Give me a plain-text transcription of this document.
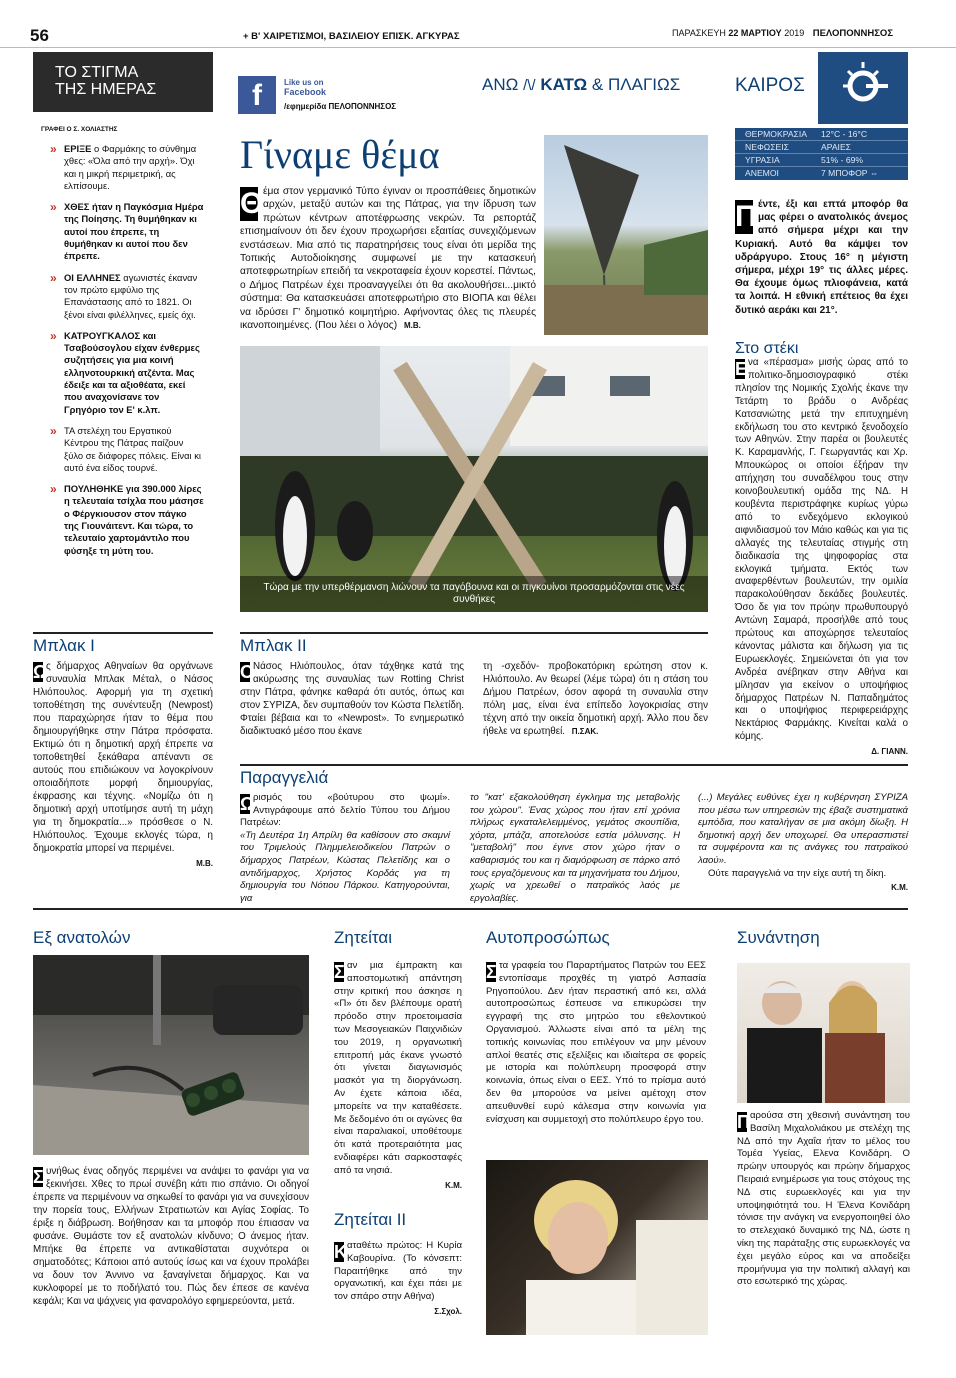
56	+ Β' ΧΑΙΡΕΤΙΣΜΟΙ, ΒΑΣΙΛΕΙΟΥ ΕΠΙΣΚ. ΑΓΚΥΡΑΣ	ΠΑΡΑΣΚΕΥΗ 22 ΜΑΡΤΙΟΥ 2019 ΠΕΛΟΠΟΝΝΗΣΟΣ
ΤΟ ΣΤΙΓΜΑ
ΤΗΣ ΗΜΕΡΑΣ
ΓΡΑΦΕΙ Ο Σ. ΧΟΛΙΑΣΤΗΣ
» ΕΡΙΞΕ ο Φαρμάκης το σύνθημα χθες: «Όλα από την αρχή». Όχι και η μικρή περιμετρική, ας ελπίσουμε.
» ΧΘΕΣ ήταν η Παγκόσμια Ημέρα της Ποίησης. Τη θυμήθηκαν κι αυτοί που έπρεπε, τη θυμήθηκαν κι αυτοί που δεν έπρεπε.
» ΟΙ ΕΛΛΗΝΕΣ αγωνιστές έκαναν τον πρώτο εμφύλιο της Επανάστασης από το 1821. Οι ξένοι είναι φιλέλληνες, εμείς όχι.
» ΚΑΤΡΟΥΓΚΑΛΟΣ και Τσαβούσογλου είχαν ένθερμες συζητήσεις για μια κοινή ελληνοτουρκική ατζέντα. Μας έδειξε και τα αξιοθέατα, εκεί που αναχονίσανε τον Γρηγόριο τον Ε' κ.λπ.
» ΤΑ στελέχη του Εργατικού Κέντρου της Πάτρας παίζουν ξύλο σε διάφορες πόλεις. Είναι κι αυτό ένα είδος τουρνέ.
» ΠΟΥΛΗΘΗΚΕ για 390.000 λίρες η τελευταία τσίχλα που μάσησε ο Φέργκιουσον στον πάγκο της Γιουνάιτεντ. Και τώρα, το τελευταίο χαρτομάντιλο που φύσηξε τη μύτη του.
f	Like us on
Facebook
/εφημερίδα ΠΕΛΟΠΟΝΝΗΣΟΣ
ΑΝΩ /\/ ΚΑΤΩ & ΠΛΑΓΙΩΣ
Γίναμε θέμα
Θ έμα στον γερμανικό Τύπο έγιναν οι προσπάθειες δημοτικών αρχών, μεταξύ αυτών και της Πάτρας, για την ίδρυση των πρώτων κέντρων αποτέφρωσης νεκρών. Τα ρεπορτάζ επισημαίνουν ότι δεν έχουν προχωρήσει εξαιτίας συνεχιζόμενων ενστάσεων. Μια από τις παρατηρήσεις τους είναι ότι μερίδα της Τοπικής Αυτοδιοίκησης συμφωνεί με την κατασκευή αποτεφρωτηρίων επειδή τα νεκροταφεία έχουν κορεστεί. Πάντως, ο Δήμος Πατρέων έχει προαναγγείλει ότι θα ακολουθήσει...μικτό σύστημα: Θα κατασκευάσει αποτεφρωτήριο στο ΒΙΟΠΑ και θέλει να ιδρύσει Γ' δημοτικό κοιμητήριο. Αφήνοντας όλες τις πλευρές ικανοποιημένες. (Που λέει ο λόγος) Μ.Β.
Τώρα με την υπερθέρμανση λιώνουν τα παγόβουνα και οι πιγκουίνοι προσαρμόζονται στις νέες συνθήκες
ΚΑΙΡΟΣ
ΘΕΡΜΟΚΡΑΣΙΑ	12°C - 16°C
ΝΕΦΩΣΕΙΣ	ΑΡΑΙΕΣ
ΥΓΡΑΣΙΑ	51% - 69%
ΑΝΕΜΟΙ	7 ΜΠΟΦΟΡ ⇔
Π έντε, έξι και επτά μποφόρ θα μας φέρει ο ανατολικός άνεμος από σήμερα μέχρι και την Κυριακή. Αυτό θα κάμψει τον υδράργυρο. Στους 16° η μέγιστη σήμερα, μέχρι 19° τις άλλες μέρες. Θα έχουμε όμως πλιοφάνεια, κατά τα λοιπά. Η εθνική επέτειος θα έχει δυτικό αεράκι και 21°.
Στο στέκι
Ε να «πέρασμα» μισής ώρας από το πολιτικο-δημοσιογραφικό στέκι πλησίον της Νομικής Σχολής έκανε την Τετάρτη το βράδυ ο Ανδρέας Κατσανιώτης μετά την επιτυχημένη εκδήλωση του στο κεντρικό ξενοδοχείο των Αθηνών. Στην παρέα οι βουλευτές Κ. Καραμανλής, Γ. Γεωργαντάς και Χρ. Μπουκώρος οι οποίοι έξήραν την απήχηση του συναδέλφου τους στην κοινοβουλευτική ομάδα της ΝΔ. Η κουβέντα περιστράφηκε κυρίως γύρω από το ενδεχόμενο εκλογικού αιφνιδιασμού τον Μάιο καθώς και για τις αλλαγές της τελευταίας στιγμής στη διαδικασία της ψηφοφορίας στα εκλογικά τμήματα. Εκτός των αναφερθέντων βουλευτών, την ομιλία παρακολούθησαν δεκάδες βουλευτές. Όσο δε για τον πρώην πρωθυπουργό Αντώνη Σαμαρά, προσήλθε από τους πρώτους και αποχώρησε τελευταίος κάνοντας μάλιστα και δήλωση για τις Ευρωεκλογές. Σημειώνεται ότι για τον Ανδρέα ανέβηκαν στην Αθήνα και μίλησαν για εκείνον ο υποψήφιος δήμαρχος Πατρέων Ν. Παπαδημάτος και ο υποψήφιος περιφερειάρχης Νεκτάριος Φαρμάκης. Κινείται καλά ο κόμης.
Δ. ΓΙΑΝΝ.
Μπλακ Ι
Ω
ς δήμαρχος Αθηναίων θα οργάνωνε συναυλία Μπλακ Μέταλ, ο Νάσος Ηλιόπουλος. Αφορμή για τη σχετική τοποθέτηση της συνέντευξη (Newpost) που παραχώρησε ήταν το θέμα που δημιουργήθηκε στην Πάτρα πρόσφατα. Εκτιμώ ότι η δημοτική αρχή έπρεπε να τοποθετηθεί ξεκάθαρα απέναντι σε αυτούς που επιδιώκουν να λογοκρίνουν οποιαδήποτε μορφή δημιουργίας, έκφρασης και τέχνης. «Νομίζω ότι η δημοτική αρχή υποτίμησε αυτή τη μάχη για τη δημοκρατία...» πρόσθεσε ο Ν. Ηλιόπουλος. Έχουμε εκλογές τώρα, η δημοκρατία μπορεί να περιμένει.
Μ.Β.
Μπλακ ΙΙ
Ο
Νάσος Ηλιόπουλος, όταν τάχθηκε κατά της ακύρωσης της συναυλίας των Rotting Christ στην Πάτρα, φάνηκε καθαρά ότι αυτός, όπως και στον ΣΥΡΙΖΑ, δεν συμπαθούν τον Κώστα Πελετίδη. Φταίει βέβαια και το «Newpost». Το ενημερωτικό διαδικτυακό μέσο που έκανε
τη -σχεδόν- προβοκατόρικη ερώτηση στον κ. Ηλιόπουλο. Αν θεωρεί (λέμε τώρα) ότι η στάση του Δήμου Πατρέων, όσον αφορά τη συναυλία στην πόλη μας, είναι ένα επίπεδο λογοκρισίας στην τέχνη από την οικεία δημοτική αρχή. Άλλο που δεν ήθελε να ερωτηθεί. Π.ΣΑΚ.
Παραγγελιά
Ω
ρισμός του «βούτυρου στο ψωμί». Αντιγράφουμε από δελτίο Τύπου του Δήμου Πατρέων:
«Τη Δευτέρα 1η Απρίλη θα καθίσουν στο σκαμνί του Τριμελούς Πλημμελειοδικείου Πατρών ο δήμαρχος Πατρέων, Κώστας Πελετίδης και ο αντιδήμαρχος, Χρήστος Κορδάς για τη δημιουργία του Νότιου Πάρκου. Κατηγορούνται, για
το "κατ' εξακολούθηση έγκλημα της μεταβολής του χώρου". Ένας χώρος που ήταν επί χρόνια πλήρως εγκαταλελειμμένος, γεμάτος σκουπίδια, χόρτα, μπάζα, αποτελούσε εστία μόλυνσης. Η "μεταβολή" που έγινε στον χώρο ήταν ο καθαρισμός του και η διαμόρφωση σε πάρκο από τους εργαζόμενους και τα μηχανήματα του Δήμου, χωρίς να χρεωθεί ο πατραϊκός λαός με εργολαβίες.
(...) Μεγάλες ευθύνες έχει η κυβέρνηση ΣΥΡΙΖΑ που μέσω των υπηρεσιών της έβαζε συστηματικά εμπόδια, που καταλήγαν σε μια ακόμη δίωξη. Η δημοτική αρχή δεν υποχωρεί. Θα υπερασπιστεί τα συμφέροντα και τις ανάγκες του πατραϊκού λαού».
Ούτε παραγγελιά να την είχε αυτή τη δίκη.
Κ.Μ.
Εξ ανατολών
Σ υνήθως ένας οδηγός περιμένει να ανάψει το φανάρι για να ξεκινήσει. Χθες το πρωί συνέβη κάτι πιο σπάνιο. Οι οδηγοί έπρεπε να περιμένουν να σηκωθεί το φανάρι για να συνεχίσουν την πορεία τους, Ελλήνων Στρατιωτών και Αγίας Σοφίας. Το έριξε η διάβρωση. Βοήθησαν και τα μποφόρ που έπιασαν να φυσάνε. Θυμάστε τον εξ ανατολών κίνδυνο; Ο άνεμος ήταν. Μπήκε θα έπρεπε να αντικαθίσταται συχνότερα οι σηματοδότες; Κάποιοι από αυτούς ίσως και να έχουν προλάβει να δουν τον Άννινο να ξαναγίνεται δήμαρχος. Και να κυκλοφορεί με το ποδήλατό του. Πώς δεν έπεσε σε κανένα κεφάλι; Και να ψάχνεις για φαναρολόγο εφημερεύοντα, μετά.
Ζητείται
Σ αν μια έμπρακτη και αποστομωτική απάντηση στην κριτική που άσκησε η «Π» ότι δεν βλέπουμε ορατή πρόοδο στην προετοιμασία των Μεσογειακών Παιχνιδιών του 2019, η οργανωτική επιτροπή μάς έκανε γνωστό ότι γίνεται διαγωνισμός μασκότ για τη διοργάνωση. Αν έχετε κάποια ιδέα, μπορείτε να την καταθέσετε. Με δεδομένο ότι οι αγώνες θα είναι παραλιακοί, υποθέτουμε ότι κατά προτεραιότητα μας ενδιαφέρει κάτι σαρκοσταφές από τα νησιά.
Κ.Μ.
Ζητείται ΙΙ
Κ αταθέτω πρώτος: Η Κυρία Καβουρίνα. (Το κόνσεπτ: Παραιτήθηκε από την οργανωτική, και έχει πάει με τον σπάρο στην Αθήνα)
Σ.Σχολ.
Αυτοπροσώπως
Σ τα γραφεία του Παραρτήματος Πατρών του ΕΕΣ εντοπίσαμε προχθές τη γιατρό Ασπασία Ρηγοπούλου. Δεν ήταν περαστική από κει, αλλά αυτοπροσώπως έσπευσε να επικυρώσει την εγγραφή της στο μητρώο του εθελοντικού Οργανισμού. Άλλωστε είναι από τα μέλη της τοπικής κοινωνίας που επιλέγουν να μην μένουν απλοί θεατές στις εξελίξεις και ιδιαίτερα σε φορείς με ιστορία και πολύπλευρη προσφορά στην κοινωνία, όπως είναι ο ΕΕΣ. Υπό το πρίσμα αυτό δεν θα μπορούσε να μείνει αμέτοχη στον απευθυνθεί ευρύ κάλεσμα στην κοινωνία για ενίσχυση και συμμετοχή στο πολύπλευρο έργο του.
Συνάντηση
Π αρούσα στη χθεσινή συνάντηση του Βασίλη Μιχαλολιάκου με στελέχη της ΝΔ από την Αχαΐα ήταν το μέλος του Τομέα Υγείας, Ελενα Κονιδάρη. Ο πρώην υπουργός και πρώην δήμαρχος Πειραιά ενημέρωσε για τους στόχους της ΝΔ στις ευρωεκλογές και για την υποψηφιότητά του. Η Έλενα Κονιδάρη τόνισε την ανάγκη να ενεργοποιηθεί όλο το στελεχιακό δυναμικό της ΝΔ, ώστε η νίκη της παράταξης στις ευρωεκλογές να έχει μεγάλο εύρος και να αποδείξει προμήνυμα για την πολιτική αλλαγή και στο εσωτερικό της χώρας.
